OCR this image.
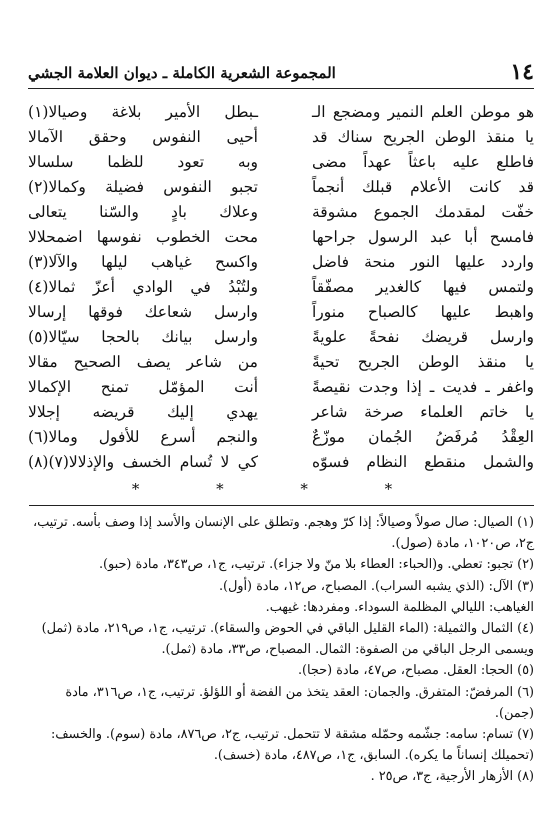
١٤
المجموعة الشعرية الكاملة ـ ديوان العلامة الجشي
هو موطن العلم النمير ومضجع الـ
ـبطل الأمير بلاغة وصيالا(١)
يا منقذ الوطن الجريح سناك قد
أحيى النفوس وحقق الآمالا
فاطلع عليه باعثاً عهداً مضى
وبه تعود للظما سلسالا
قد كانت الأعلام قبلك أنجماً
تجبو النفوس فضيلة وكمالا(٢)
خفّت لمقدمك الجموع مشوقة
وعلاك بادٍ والسّنا يتعالى
فامسح أبا عبد الرسول جراحها
محت الخطوب نفوسها اضمحلالا
واردد عليها النور منحة فاضل
واكسح غياهب ليلها والآلا(٣)
ولتمس فيها كالغدير مصفّقاً
ولتُبْدُ في الوادي أعزّ ثمالا(٤)
واهبط عليها كالصباح منوراً
وارسل شعاعك فوقها إرسالا
وارسل قريضك نفحةً علويةً
وارسل بيانك بالحجا سيّالا(٥)
يا منقذ الوطن الجريح تحيةً
من شاعر يصف الصحيح مقالا
واغفر ـ فديت ـ إذا وجدت نقيصةً
أنت المؤمّل تمنح الإكمالا
يا خاتم العلماء صرخة شاعر
يهدي إليك قريضه إجلالا
العِقْدُ مُرفَضُ الجُمان موزّعٌ
والنجم أسرع للأفول ومالا(٦)
والشمل منقطع النظام فسوّه
كي لا تُسام الخسف والإذلالا(٧)(٨)
* * * *

(١) الصيال: صال صولاً وصيالاً: إذا كرّ وهجم. وتطلق على الإنسان والأسد إذا وصف بأسه. ترتيب، ج٢، ص١٠٢٠، مادة (صول).

(٢) تجبو: تعطي. و(الحباء: العطاء بلا منّ ولا جزاء). ترتيب، ج١، ص٣٤٣، مادة (حبو).

(٣) الآل: (الذي يشبه السراب). المصباح، ص١٢، مادة (أول).

الغياهب: الليالي المظلمة السوداء. ومفردها: غيهب.

(٤) الثمال والثميلة: (الماء القليل الباقي في الحوض والسقاء). ترتيب، ج١، ص٢١٩، مادة (ثمل) ويسمى الرجل الباقي من الصفوة: الثمال. المصباح، ص٣٣، مادة (ثمل).

(٥) الحجا: العقل. مصباح، ص٤٧، مادة (حجا).

(٦) المرفضّ: المتفرق. والجمان: العقد يتخذ من الفضة أو اللؤلؤ. ترتيب، ج١، ص٣١٦، مادة (جمن).

(٧) تسام: سامه: جشّمه وحمّله مشقة لا تتحمل. ترتيب، ج٢، ص٨٧٦، مادة (سوم). والخسف: (تحميلك إنساناً ما يكره). السابق، ج١، ص٤٨٧، مادة (خسف).

(٨) الأزهار الأرجية، ج٣، ص٢٥ .
